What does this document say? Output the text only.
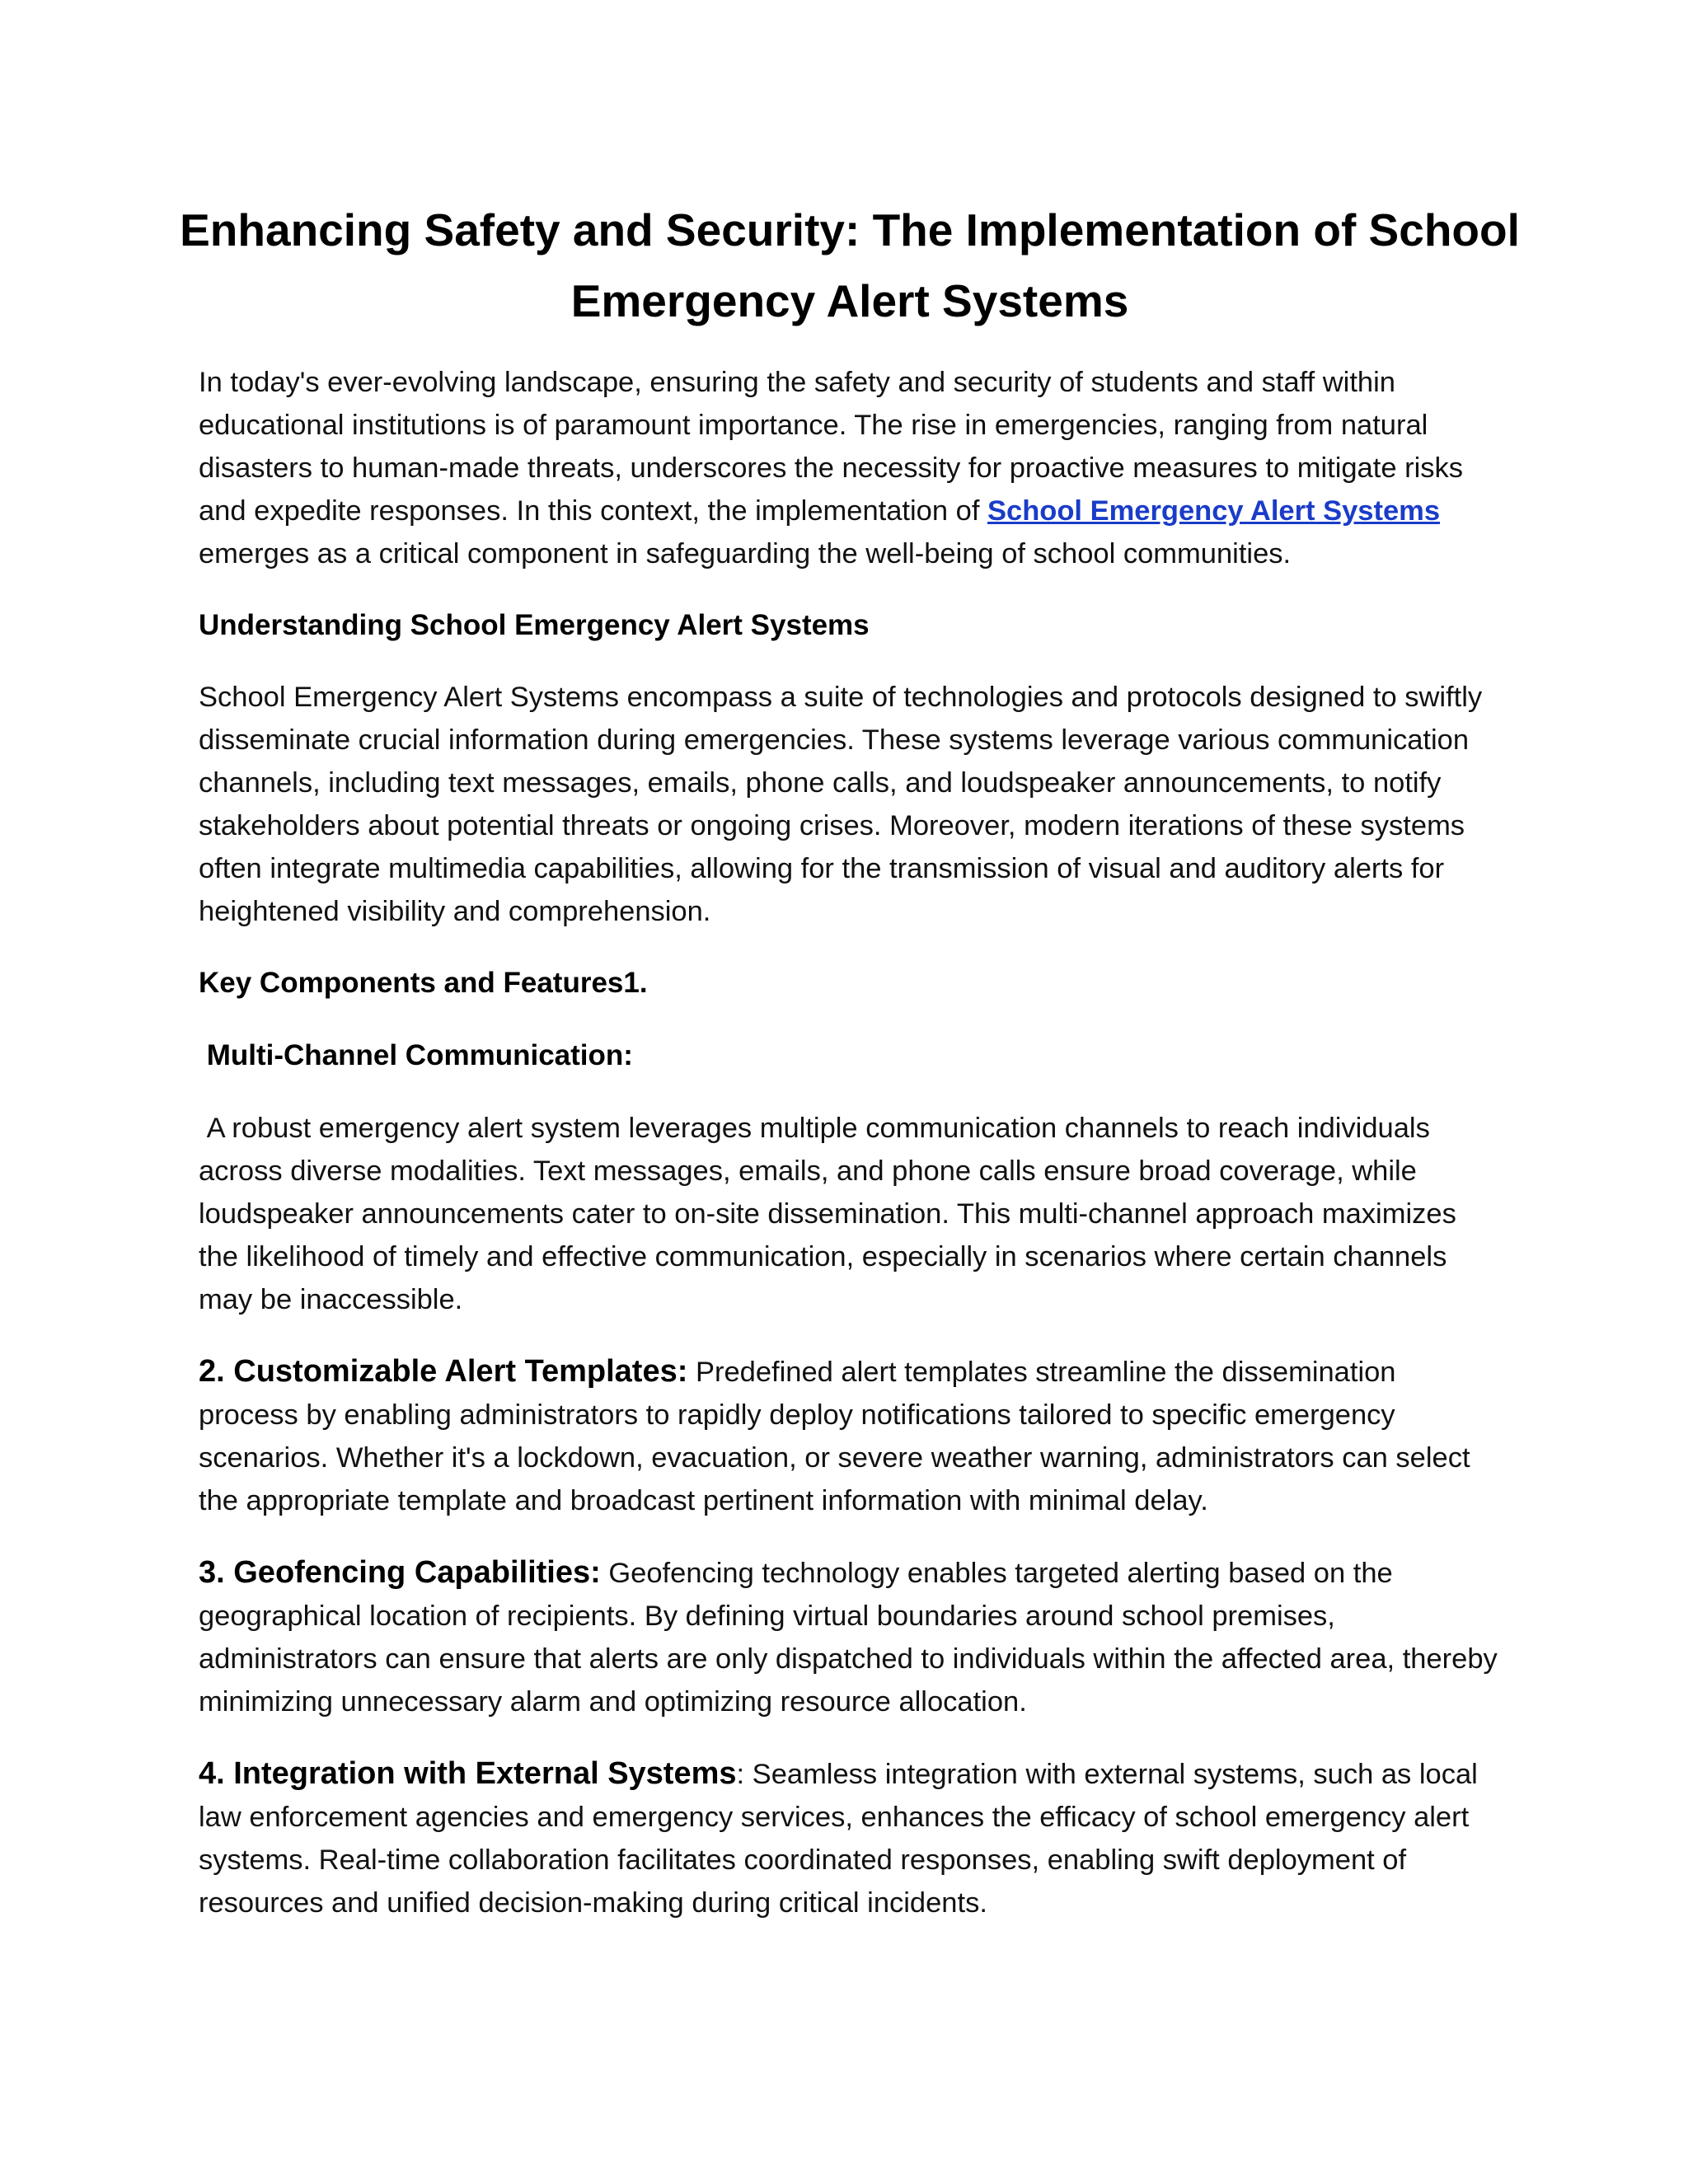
Enhancing Safety and Security: The Implementation of School Emergency Alert Systems

In today's ever-evolving landscape, ensuring the safety and security of students and staff within educational institutions is of paramount importance. The rise in emergencies, ranging from natural disasters to human-made threats, underscores the necessity for proactive measures to mitigate risks and expedite responses. In this context, the implementation of School Emergency Alert Systems emerges as a critical component in safeguarding the well-being of school communities.

Understanding School Emergency Alert Systems

School Emergency Alert Systems encompass a suite of technologies and protocols designed to swiftly disseminate crucial information during emergencies. These systems leverage various communication channels, including text messages, emails, phone calls, and loudspeaker announcements, to notify stakeholders about potential threats or ongoing crises. Moreover, modern iterations of these systems often integrate multimedia capabilities, allowing for the transmission of visual and auditory alerts for heightened visibility and comprehension.

Key Components and Features1.
Multi-Channel Communication:

A robust emergency alert system leverages multiple communication channels to reach individuals across diverse modalities. Text messages, emails, and phone calls ensure broad coverage, while loudspeaker announcements cater to on-site dissemination. This multi-channel approach maximizes the likelihood of timely and effective communication, especially in scenarios where certain channels may be inaccessible.

2. Customizable Alert Templates: Predefined alert templates streamline the dissemination process by enabling administrators to rapidly deploy notifications tailored to specific emergency scenarios. Whether it's a lockdown, evacuation, or severe weather warning, administrators can select the appropriate template and broadcast pertinent information with minimal delay.

3. Geofencing Capabilities: Geofencing technology enables targeted alerting based on the geographical location of recipients. By defining virtual boundaries around school premises, administrators can ensure that alerts are only dispatched to individuals within the affected area, thereby minimizing unnecessary alarm and optimizing resource allocation.

4. Integration with External Systems: Seamless integration with external systems, such as local law enforcement agencies and emergency services, enhances the efficacy of school emergency alert systems. Real-time collaboration facilitates coordinated responses, enabling swift deployment of resources and unified decision-making during critical incidents.
